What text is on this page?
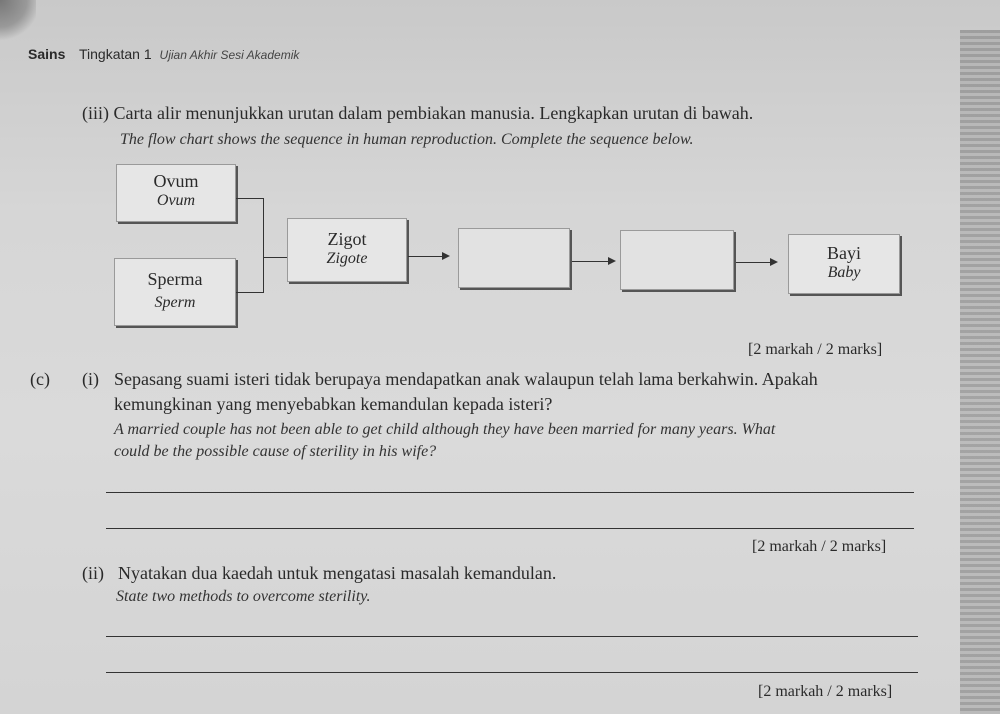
Sains Tingkatan 1 Ujian Akhir Sesi Akademik
(iii) Carta alir menunjukkan urutan dalam pembiakan manusia. Lengkapkan urutan di bawah.
The flow chart shows the sequence in human reproduction. Complete the sequence below.
Ovum
Ovum
Sperma
Sperm
Zigot
Zigote	Bayi
Baby
[2 markah / 2 marks]
(c) (i) Sepasang suami isteri tidak berupaya mendapatkan anak walaupun telah lama berkahwin. Apakah
kemungkinan yang menyebabkan kemandulan kepada isteri?
A married couple has not been able to get child although they have been married for many years. What
could be the possible cause of sterility in his wife?
[2 markah / 2 marks]
(ii) Nyatakan dua kaedah untuk mengatasi masalah kemandulan.
State two methods to overcome sterility.
[2 markah / 2 marks]
